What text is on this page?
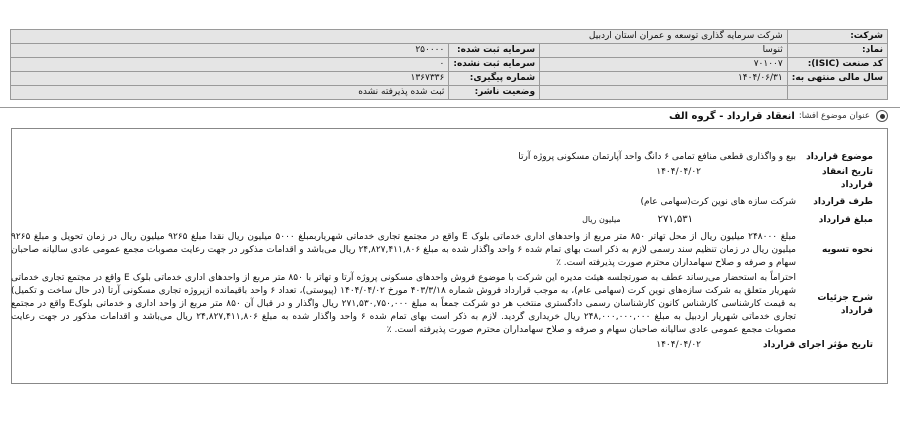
شرکت:	شرکت سرمایه گذاری توسعه و عمران استان اردبیل		
نماد:	ثنوسا	سرمایه ثبت شده:	۲۵۰۰۰۰
کد صنعت (ISIC):	۷۰۱۰۰۷	سرمایه ثبت نشده:	۰
سال مالی منتهی به:	۱۴۰۴/۰۶/۳۱	شماره پیگیری:	۱۳۶۷۳۳۶
		وضعیت ناشر:	ثبت شده پذیرفته نشده
عنوان موضوع افشا:
انعقاد قرارداد - گروه الف
موضوع قرارداد
بیع و واگذاری قطعی منافع تمامی ۶ دانگ واحد آپارتمان مسکونی پروژه آرتا
تاریخ انعقاد قرارداد
۱۴۰۴/۰۴/۰۲
طرف قرارداد
شرکت سازه های نوین کرت(سهامی عام)
مبلغ قرارداد
۲۷۱,۵۳۱ میلیون ریال
نحوه تسویه
مبلغ ۲۴۸۰۰۰ میلیون ریال از محل تهاتر ۸۵۰ متر مربع از واحدهای اداری خدماتی بلوک E واقع در مجتمع تجاری خدماتی شهریاربمبلغ ۵۰۰۰ میلیون ریال نقدا مبلغ ۹۲۶۵ میلیون ریال در زمان تحویل و مبلغ ۹۲۶۵ میلیون ریال در زمان تنظیم سند رسمی لازم به ذکر است بهای تمام شده ۶ واحد واگذار شده به مبلغ ۲۴,۸۲۷,۴۱۱,۸۰۶ ریال می‌باشد و اقدامات مذکور در جهت رعایت مصوبات مجمع عمومی عادی سالیانه صاحبان سهام و صرفه و صلاح سهامداران محترم صورت پذیرفته است. ٪
شرح جزئیات قرارداد
احتراماً به استحضار می‌رساند عطف به صورتجلسه هیئت مدیره این شرکت با موضوع فروش واحدهای مسکونی پروژه آرتا و تهاتر با ۸۵۰ متر مربع از واحدهای اداری خدماتی بلوک E واقع در مجتمع تجاری خدماتی شهریار متعلق به شرکت سازه‌های نوین کرت (سهامی عام)، به موجب قرارداد فروش شماره ۴۰۳/۳/۱۸ مورخ ۱۴۰۴/۰۴/۰۲ (پیوستی)، تعداد ۶ واحد باقیمانده ازپروژه تجاری مسکونی آرتا (در حال ساخت و تکمیل) به قیمت کارشناسی کارشناس کانون کارشناسان رسمی دادگستری منتخب هر دو شرکت جمعاً به مبلغ ۲۷۱,۵۳۰,۷۵۰,۰۰۰ ریال واگذار و در قبال آن ۸۵۰ متر مربع از واحد اداری و خدماتی بلوکE واقع در مجتمع تجاری خدماتی شهریار اردبیل به مبلغ ۲۴۸,۰۰۰,۰۰۰,۰۰۰ ریال خریداری گردید. لازم به ذکر است بهای تمام شده ۶ واحد واگذار شده به مبلغ ۲۴,۸۲۷,۴۱۱,۸۰۶ ریال می‌باشد و اقدامات مذکور در جهت رعایت مصوبات مجمع عمومی عادی سالیانه صاحبان سهام و صرفه و صلاح سهامداران محترم صورت پذیرفته است. ٪
تاریخ مؤثر اجرای قرارداد
۱۴۰۴/۰۴/۰۲
